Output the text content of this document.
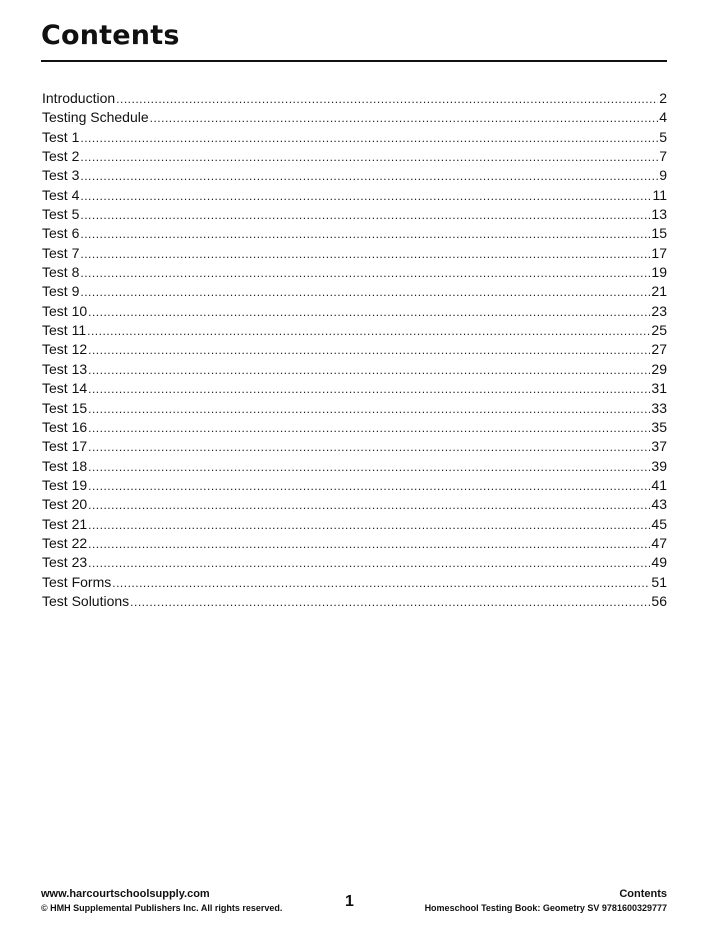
Contents
Introduction .....	2
Testing Schedule .....	4
Test 1 .....	5
Test 2 .....	7
Test 3 .....	9
Test 4 .....	11
Test 5 .....	13
Test 6 .....	15
Test 7 .....	17
Test 8 .....	19
Test 9 .....	21
Test 10 .....	23
Test 11 .....	25
Test 12 .....	27
Test 13 .....	29
Test 14 .....	31
Test 15 .....	33
Test 16 .....	35
Test 17 .....	37
Test 18 .....	39
Test 19 .....	41
Test 20 .....	43
Test 21 .....	45
Test 22 .....	47
Test 23 .....	49
Test Forms .....	51
Test Solutions .....	56
www.harcourtschoolsupply.com
© HMH Supplemental Publishers Inc. All rights reserved.	1	Contents
Homeschool Testing Book: Geometry SV 9781600329777
